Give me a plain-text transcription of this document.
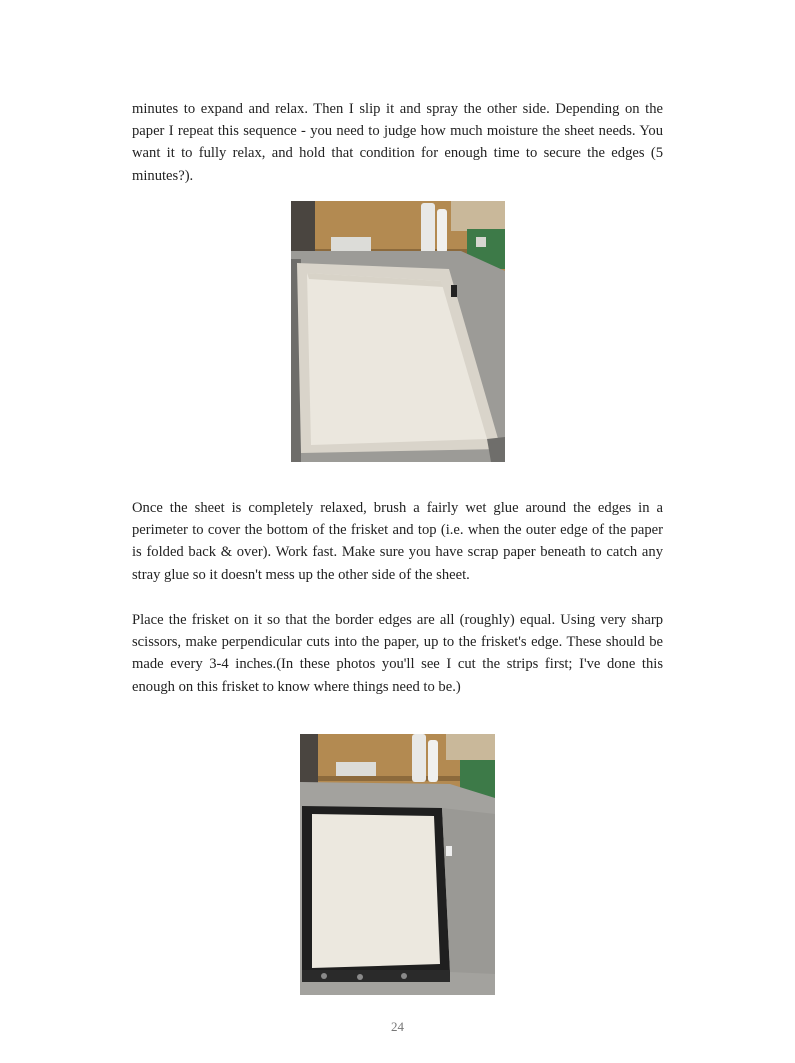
minutes to expand and relax. Then I slip it and spray the other side. Depending on the paper I repeat this sequence - you need to judge how much moisture the sheet needs. You want it to fully relax, and hold that condition for enough time to secure the edges (5 minutes?).

Once the sheet is completely relaxed, brush a fairly wet glue around the edges in a perimeter to cover the bottom of the frisket and top (i.e. when the outer edge of the paper is folded back & over). Work fast. Make sure you have scrap paper beneath to catch any stray glue so it doesn't mess up the other side of the sheet.

Place the frisket on it so that the border edges are all (roughly) equal. Using very sharp scissors, make perpendicular cuts into the paper, up to the frisket's edge. These should be made every 3-4 inches.(In these photos you'll see I cut the strips first; I've done this enough on this frisket to know where things need to be.)

24
